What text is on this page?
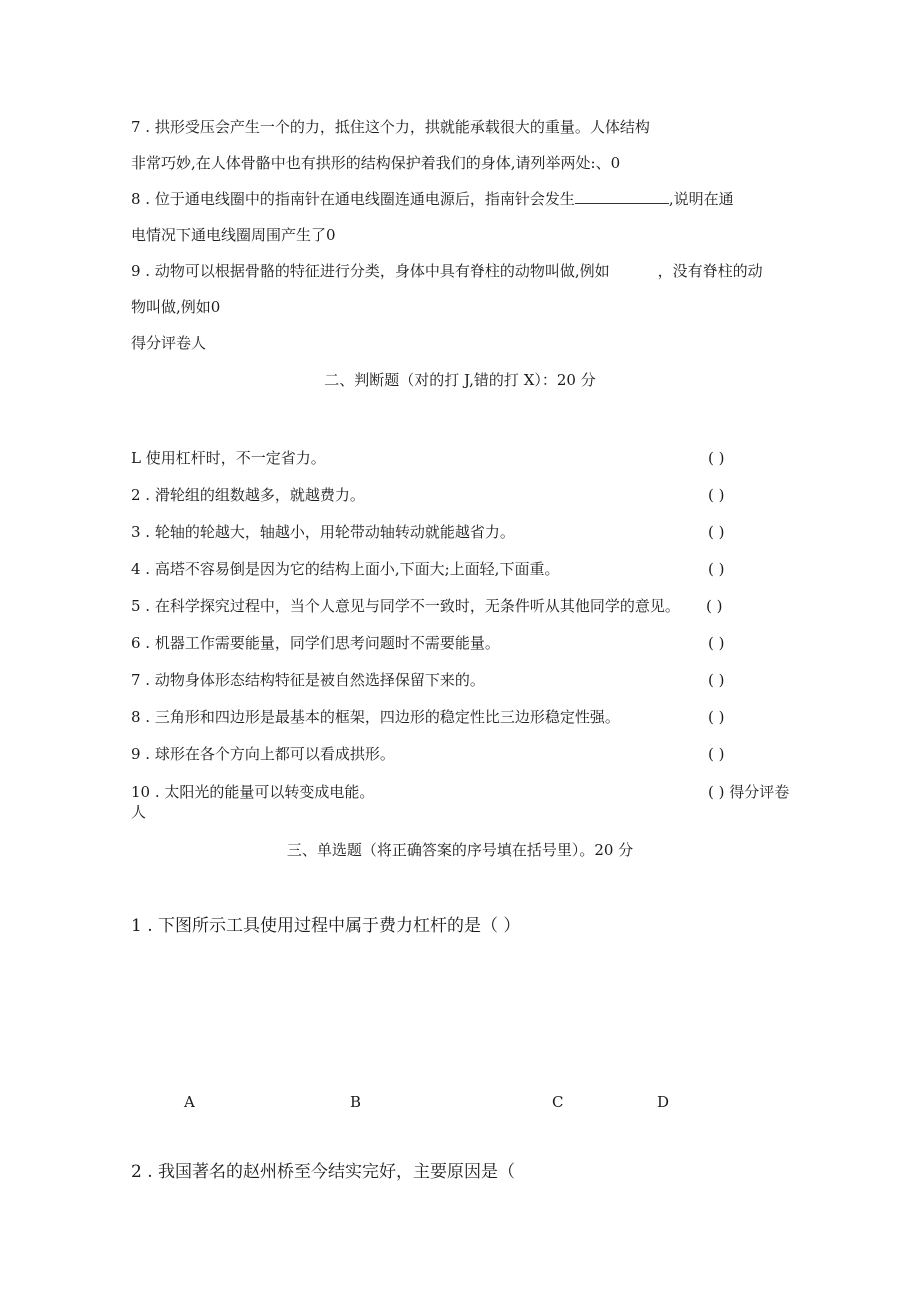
7 . 拱形受压会产生一个的力，抵住这个力，拱就能承载很大的重量。人体结构
非常巧妙,在人体骨骼中也有拱形的结构保护着我们的身体,请列举两处:、0
8 . 位于通电线圈中的指南针在通电线圈连通电源后，指南针会发生	,说明在通
电情况下通电线圈周围产生了0
9 . 动物可以根据骨骼的特征进行分类，身体中具有脊柱的动物叫做,例如	，没有脊柱的动
物叫做,例如0
得分评卷人
二、判断题（对的打 J,错的打 X）：20 分
L 使用杠杆时，不一定省力。	( )
2 . 滑轮组的组数越多，就越费力。	( )
3 . 轮轴的轮越大，轴越小，用轮带动轴转动就能越省力。	( )
4 . 高塔不容易倒是因为它的结构上面小,下面大;上面轻,下面重。	( )
5 . 在科学探究过程中，当个人意见与同学不一致时，无条件听从其他同学的意见。 ( )
6 . 机器工作需要能量，同学们思考问题时不需要能量。	( )
7 . 动物身体形态结构特征是被自然选择保留下来的。	( )
8 . 三角形和四边形是最基本的框架，四边形的稳定性比三边形稳定性强。	( )
9 . 球形在各个方向上都可以看成拱形。	( )
10 . 太阳光的能量可以转变成电能。	( ) 得分评卷
人
三、单选题（将正确答案的序号填在括号里）。20 分
1 . 下图所示工具使用过程中属于费力杠杆的是（ ）
A	B	C	D
2 . 我国著名的赵州桥至今结实完好，主要原因是（
